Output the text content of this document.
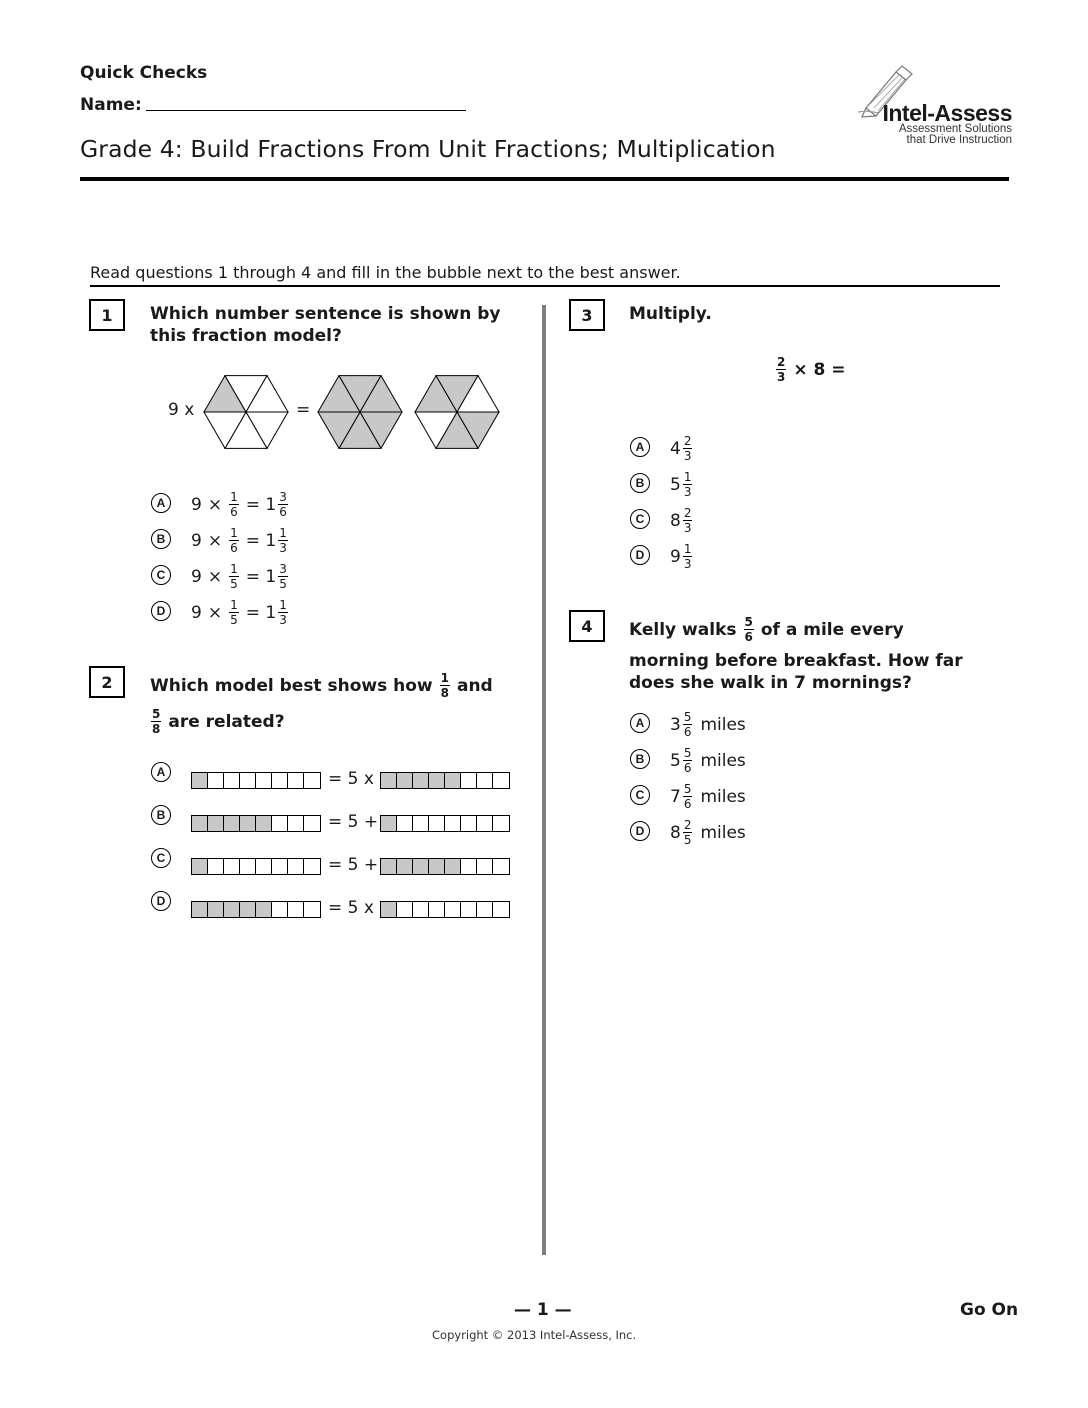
Quick Checks
Name:
Grade 4: Build Fractions From Unit Fractions; Multiplication
Intel-Assess
Assessment Solutions
that Drive Instruction
Read questions 1 through 4 and fill in the bubble next to the best answer.
1	Which number sentence is shown by
this fraction model?
9 x	=
A	$9 \times \frac{1}{6} = 1 \frac{3}{6}$
B	$9 \times \frac{1}{6} = 1 \frac{1}{3}$
C	$9 \times \frac{1}{5} = 1 \frac{3}{5}$
D	$9 \times \frac{1}{5} = 1 \frac{1}{3}$
2	Which model best shows how $\frac{1}{8}$ and
$\frac{5}{8}$ are related?
A	= 5 x
B	= 5 +
C	= 5 +
D	= 5 x
3	Multiply.
$\frac{2}{3} \times 8$ =
A	$4 \frac{2}{3}$
B	$5 \frac{1}{3}$
C	$8 \frac{2}{3}$
D	$9 \frac{1}{3}$
4	Kelly walks $\frac{5}{6}$ of a mile every
morning before breakfast. How far
does she walk in 7 mornings?
A	$3 \frac{5}{6}$ miles
B	$5 \frac{5}{6}$ miles
C	$7 \frac{5}{6}$ miles
D	$8 \frac{2}{5}$ miles
— 1 —	Go On
Copyright © 2013 Intel-Assess, Inc.
